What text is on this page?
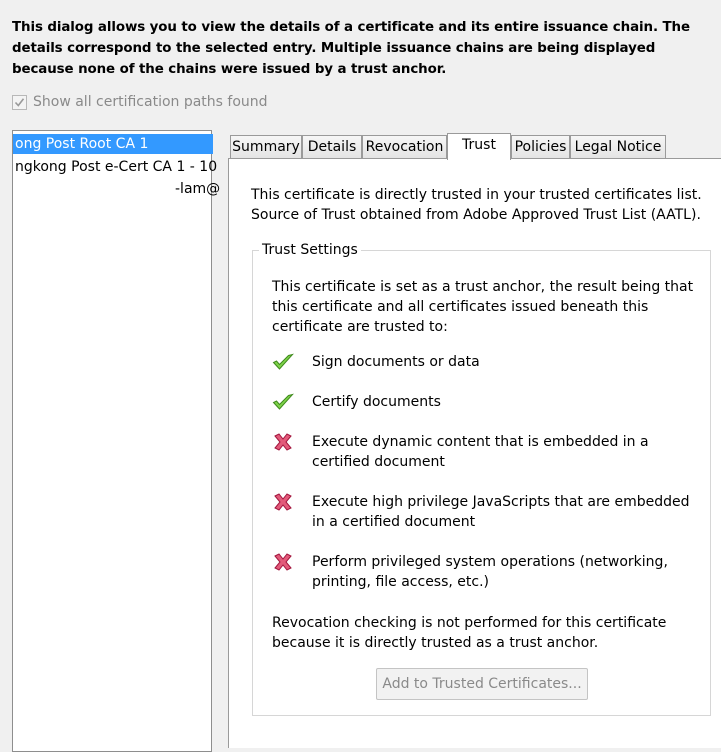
This dialog allows you to view the details of a certificate and its entire issuance chain. The details correspond to the selected entry. Multiple issuance chains are being displayed because none of the chains were issued by a trust anchor.
Show all certification paths found
ong Post Root CA 1
ngkong Post e-Cert CA 1 - 10
-lam@
Summary Details Revocation	Trust	Policies Legal Notice
This certificate is directly trusted in your trusted certificates list. Source of Trust obtained from Adobe Approved Trust List (AATL).
Trust Settings
This certificate is set as a trust anchor, the result being that this certificate and all certificates issued beneath this certificate are trusted to:
Sign documents or data
Certify documents
Execute dynamic content that is embedded in a certified document
Execute high privilege JavaScripts that are embedded in a certified document
Perform privileged system operations (networking, printing, file access, etc.)
Revocation checking is not performed for this certificate because it is directly trusted as a trust anchor.
Add to Trusted Certificates...
